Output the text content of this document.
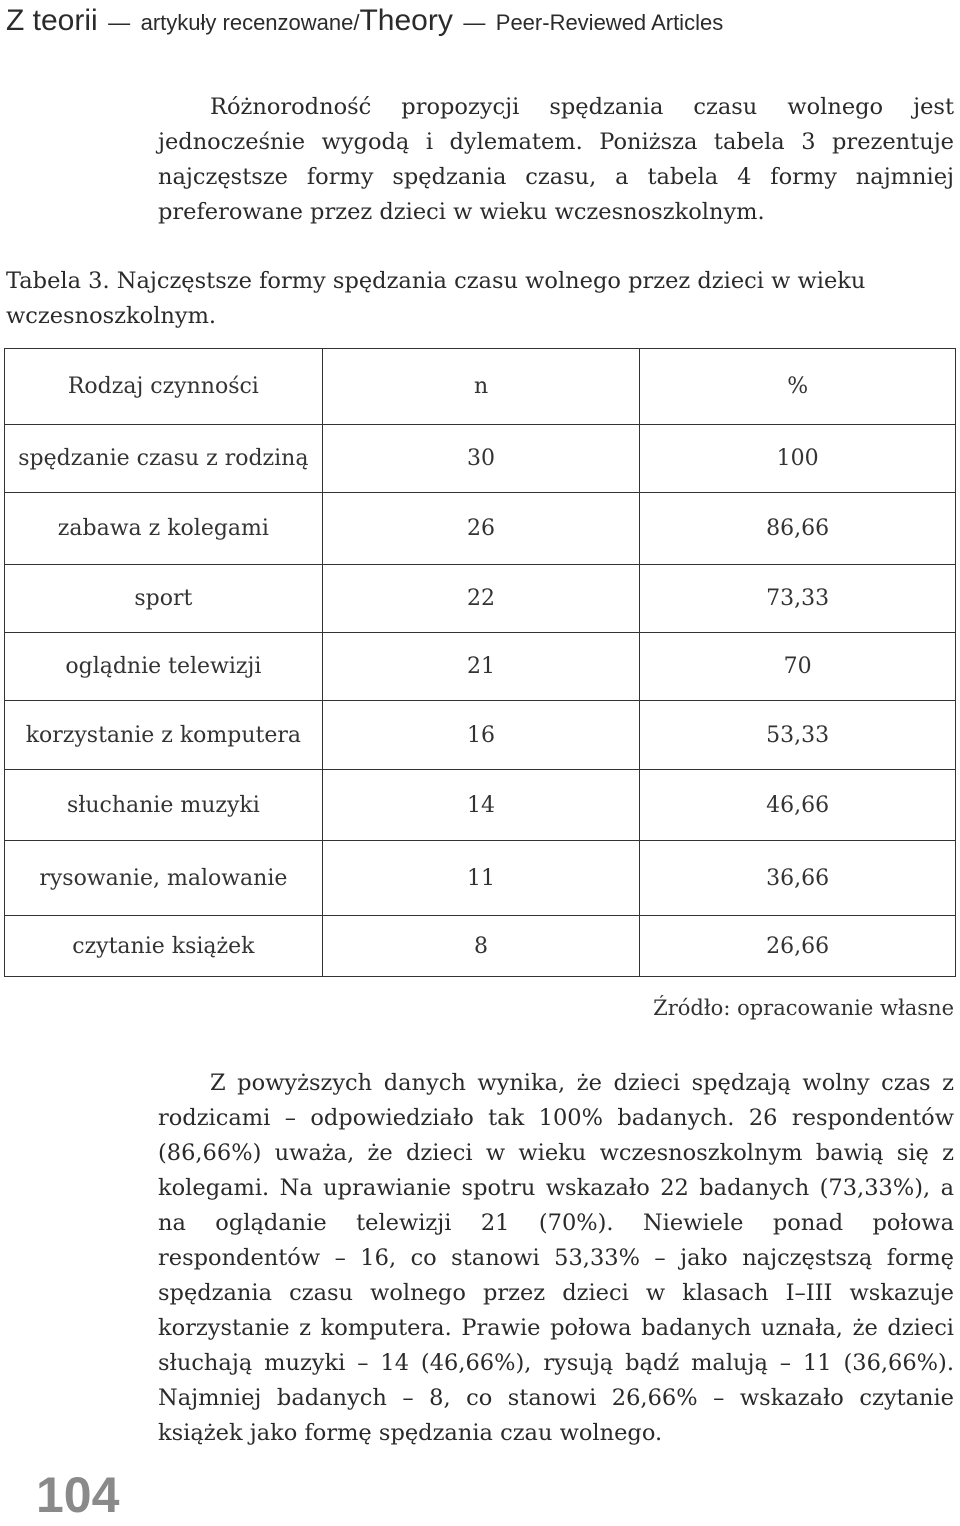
Z teorii — artykuły recenzowane/Theory — Peer-Reviewed Articles

Różnorodność propozycji spędzania czasu wolnego jest jednocześnie wygodą i dylematem. Poniższa tabela 3 prezentuje najczęstsze formy spędzania czasu, a tabela 4 formy najmniej preferowane przez dzieci w wieku wczesnoszkolnym.

Tabela 3. Najczęstsze formy spędzania czasu wolnego przez dzieci w wieku wczesnoszkolnym.

Rodzaj czynności	n	%
spędzanie czasu z rodziną	30	100
zabawa z kolegami	26	86,66
sport	22	73,33
oglądnie telewizji	21	70
korzystanie z komputera	16	53,33
słuchanie muzyki	14	46,66
rysowanie, malowanie	11	36,66
czytanie książek	8	26,66
Źródło: opracowanie własne

Z powyższych danych wynika, że dzieci spędzają wolny czas z rodzicami – odpowiedziało tak 100% badanych. 26 respondentów (86,66%) uważa, że dzieci w wieku wczesnoszkolnym bawią się z kolegami. Na uprawianie spotru wskazało 22 badanych (73,33%), a na oglądanie telewizji 21 (70%). Niewiele ponad połowa respondentów – 16, co stanowi 53,33% – jako najczęstszą formę spędzania czasu wolnego przez dzieci w klasach I–III wskazuje korzystanie z komputera. Prawie połowa badanych uznała, że dzieci słuchają muzyki – 14 (46,66%), rysują bądź malują – 11 (36,66%). Najmniej badanych – 8, co stanowi 26,66% – wskazało czytanie książek jako formę spędzania czau wolnego.

104
